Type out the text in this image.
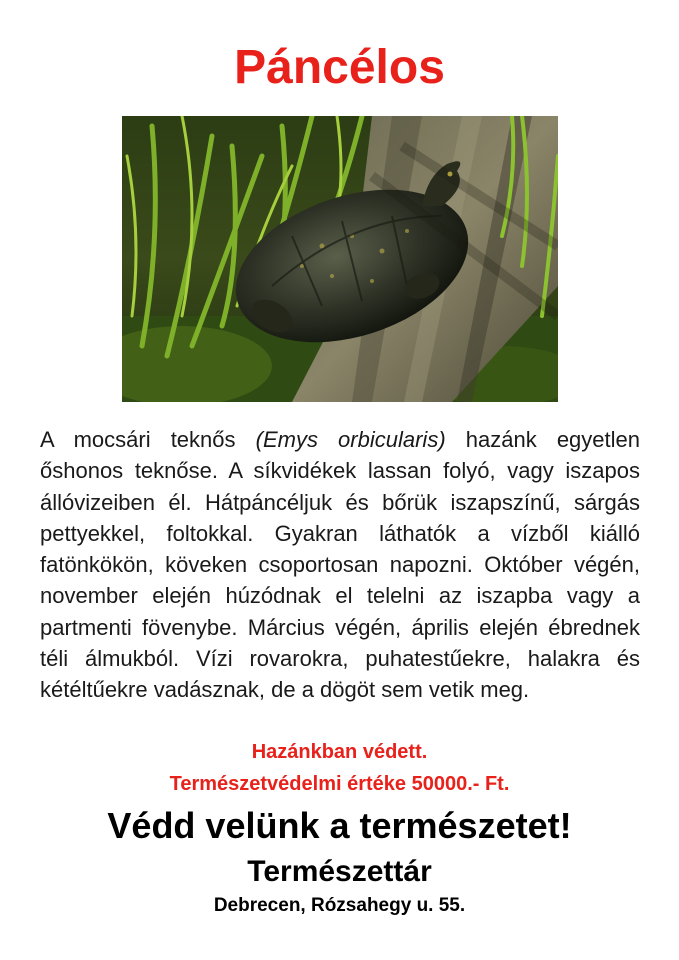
Páncélos
A mocsári teknős (Emys orbicularis) hazánk egyetlen őshonos teknőse. A síkvidékek lassan folyó, vagy iszapos állóvizeiben él. Hátpáncéljuk és bőrük iszapszínű, sárgás pettyekkel, foltokkal. Gyakran láthatók a vízből kiálló fatönkökön, köveken csoportosan napozni. Október végén, november elején húzódnak el telelni az iszapba vagy a partmenti fövenybe. Március végén, április elején ébrednek téli álmukból. Vízi rovarokra, puhatestűekre, halakra és kétéltűekre vadásznak, de a dögöt sem vetik meg.
Hazánkban védett.
Természetvédelmi értéke 50000.- Ft.
Védd velünk a természetet!
Természettár
Debrecen, Rózsahegy u. 55.
